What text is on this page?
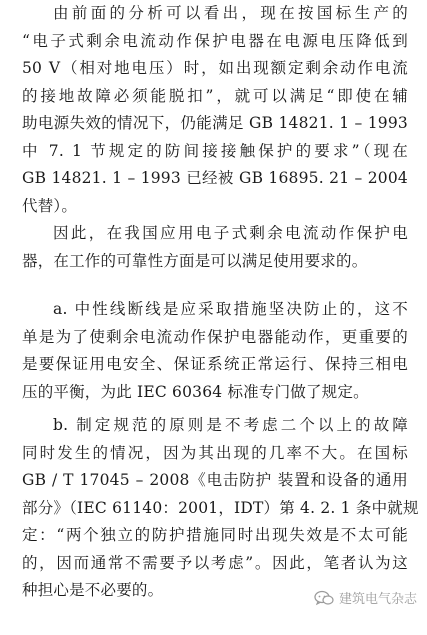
由前面的分析可以看出，现在按国标生产的
“电子式剩余电流动作保护电器在电源电压降低到
50 V（相对地电压）时，如出现额定剩余动作电流
的接地故障必须能脱扣”，就可以满足“即使在辅
助电源失效的情况下，仍能满足 GB 14821. 1 – 1993
中 7. 1 节规定的防间接接触保护的要求”（现在
GB 14821. 1 – 1993 已经被 GB 16895. 21 – 2004
代替）。
因此，在我国应用电子式剩余电流动作保护电
器，在工作的可靠性方面是可以满足使用要求的。
a. 中性线断线是应采取措施坚决防止的，这不
单是为了使剩余电流动作保护电器能动作，更重要的
是要保证用电安全、保证系统正常运行、保持三相电
压的平衡，为此 IEC 60364 标准专门做了规定。
b. 制定规范的原则是不考虑二个以上的故障
同时发生的情况，因为其出现的几率不大。在国标
GB / T 17045 – 2008《电击防护 装置和设备的通用
部分》（IEC 61140：2001，IDT）第 4. 2. 1 条中就规
定：“两个独立的防护措施同时出现失效是不太可能
的，因而通常不需要予以考虑”。因此，笔者认为这
种担心是不必要的。
建筑电气杂志
